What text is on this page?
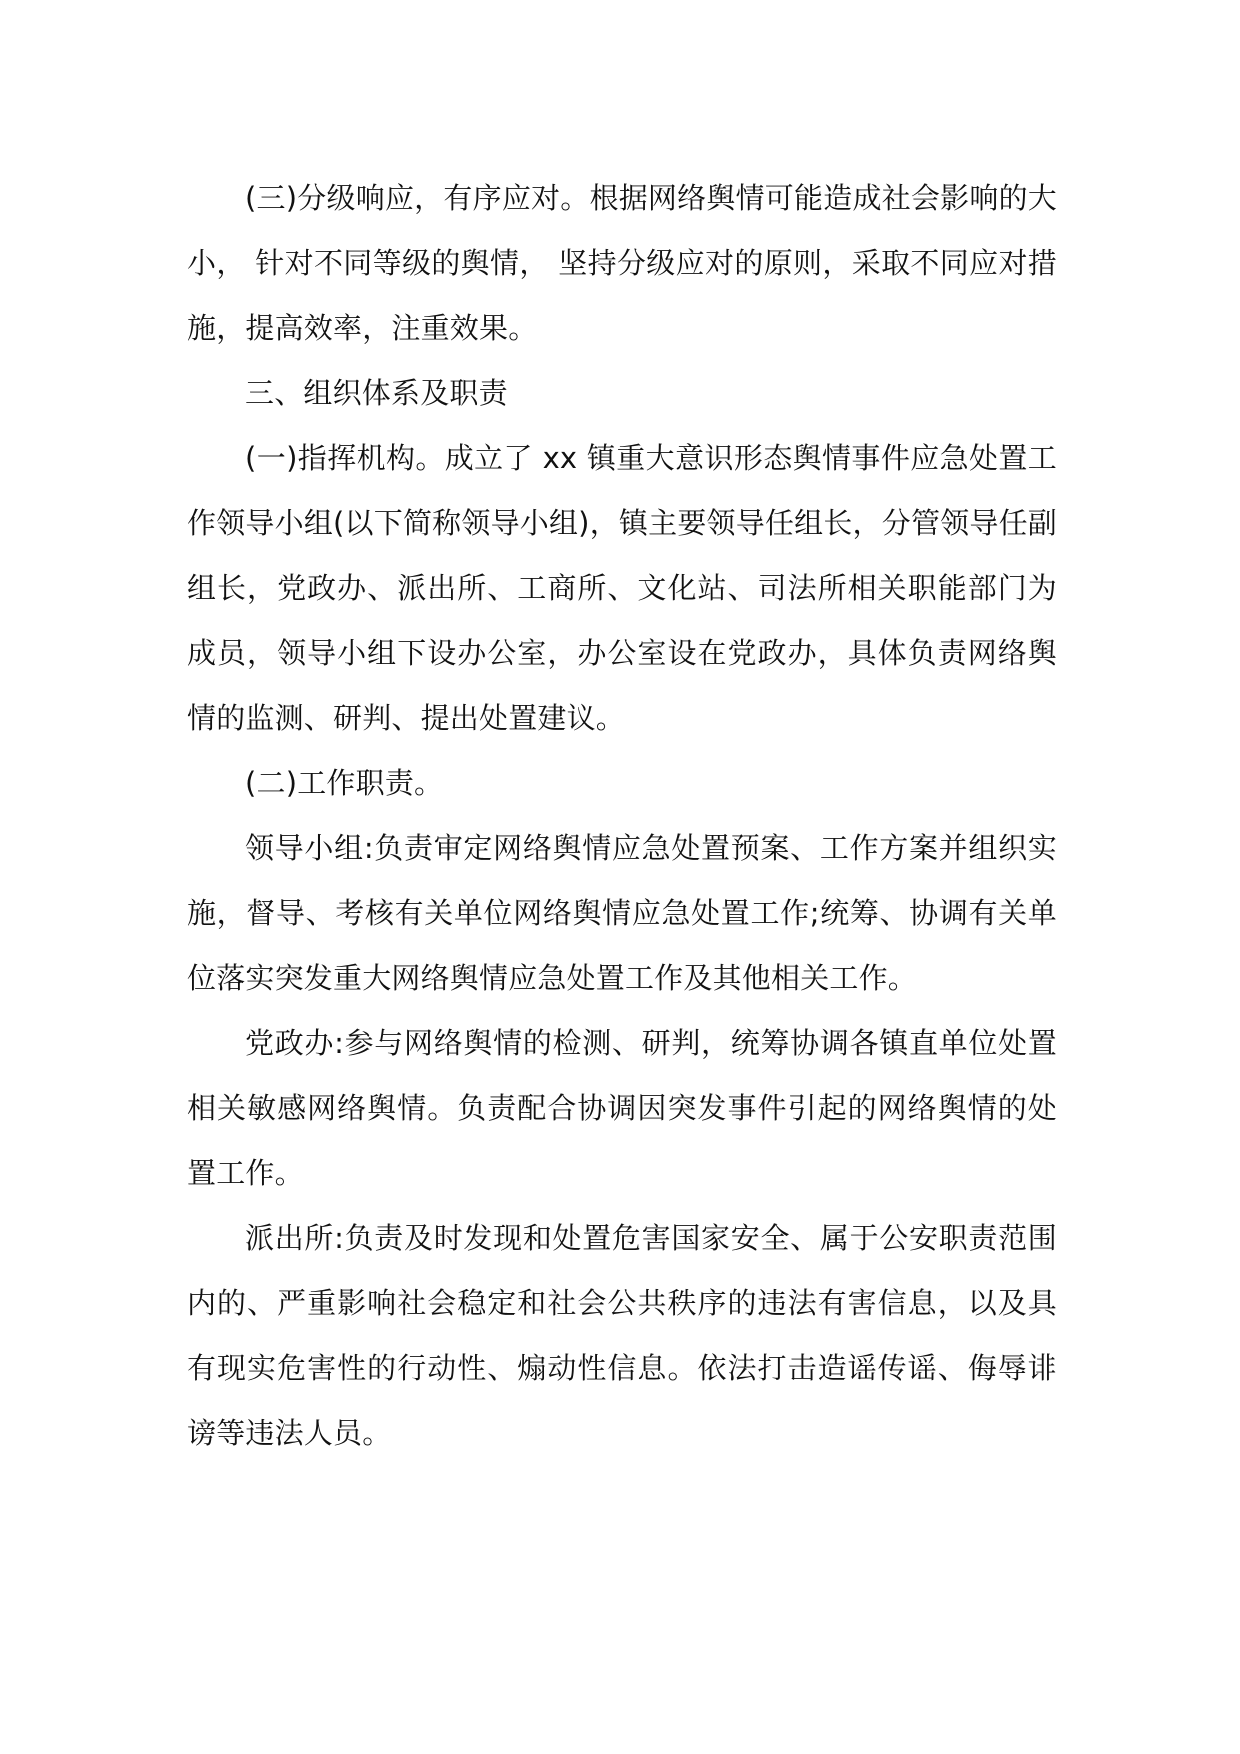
(三)分级响应，有序应对。根据网络舆情可能造成社会影响的大小， 针对不同等级的舆情， 坚持分级应对的原则，采取不同应对措施，提高效率，注重效果。

三、组织体系及职责

(一)指挥机构。成立了 xx 镇重大意识形态舆情事件应急处置工作领导小组(以下简称领导小组)，镇主要领导任组长，分管领导任副组长，党政办、派出所、工商所、文化站、司法所相关职能部门为成员，领导小组下设办公室，办公室设在党政办，具体负责网络舆情的监测、研判、提出处置建议。

(二)工作职责。

领导小组:负责审定网络舆情应急处置预案、工作方案并组织实施，督导、考核有关单位网络舆情应急处置工作;统筹、协调有关单位落实突发重大网络舆情应急处置工作及其他相关工作。

党政办:参与网络舆情的检测、研判，统筹协调各镇直单位处置相关敏感网络舆情。负责配合协调因突发事件引起的网络舆情的处置工作。

派出所:负责及时发现和处置危害国家安全、属于公安职责范围内的、严重影响社会稳定和社会公共秩序的违法有害信息，以及具有现实危害性的行动性、煽动性信息。依法打击造谣传谣、侮辱诽谤等违法人员。
